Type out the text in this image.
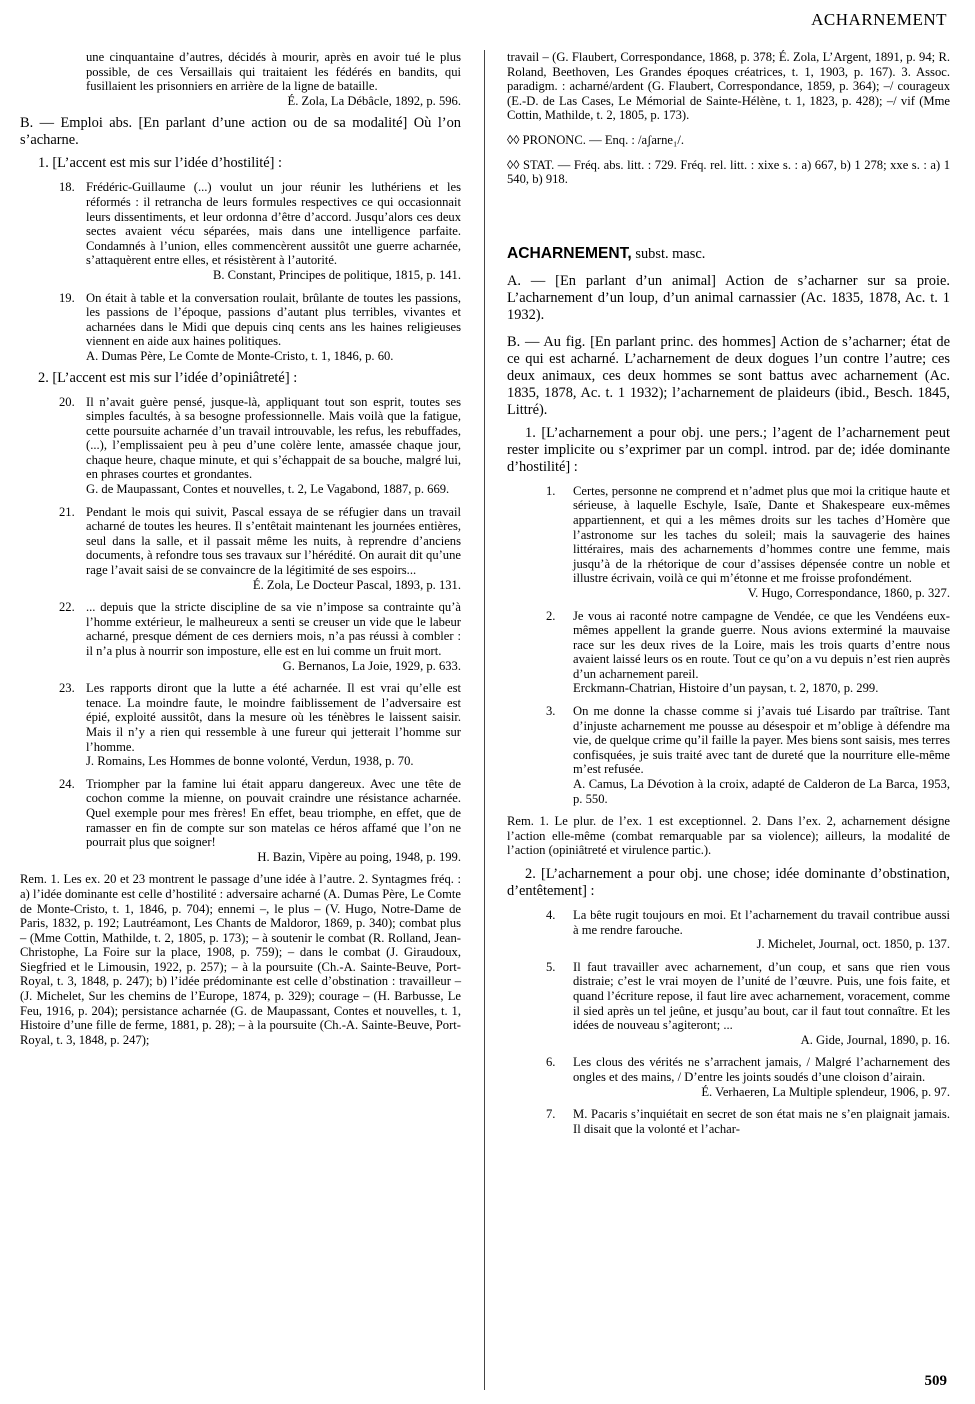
ACHARNEMENT

une cinquantaine d’autres, décidés à mourir, après en avoir tué le plus possible, de ces Versaillais qui traitaient les fédérés en bandits, qui fusillaient les prisonniers en arrière de la ligne de bataille.

É. Zola, La Débâcle, 1892, p. 596.

B. — Emploi abs. [En parlant d’une action ou de sa modalité] Où l’on s’acharne.

1. [L’accent est mis sur l’idée d’hostilité] :

18. Frédéric-Guillaume (...) voulut un jour réunir les luthériens et les réformés : il retrancha de leurs formules respectives ce qui occasionnait leurs dissentiments, et leur ordonna d’être d’accord. Jusqu’alors ces deux sectes avaient vécu séparées, mais dans une intelligence parfaite. Condamnés à l’union, elles commencèrent aussitôt une guerre acharnée, s’attaquèrent entre elles, et résistèrent à l’autorité.

B. Constant, Principes de politique, 1815, p. 141.

19. On était à table et la conversation roulait, brûlante de toutes les passions, les passions de l’époque, passions d’autant plus terribles, vivantes et acharnées dans le Midi que depuis cinq cents ans les haines religieuses viennent en aide aux haines politiques.

A. Dumas Père, Le Comte de Monte-Cristo, t. 1, 1846, p. 60.

2. [L’accent est mis sur l’idée d’opiniâtreté] :

20. Il n’avait guère pensé, jusque-là, appliquant tout son esprit, toutes ses simples facultés, à sa besogne professionnelle. Mais voilà que la fatigue, cette poursuite acharnée d’un travail introuvable, les refus, les rebuffades, (...), l’emplissaient peu à peu d’une colère lente, amassée chaque jour, chaque heure, chaque minute, et qui s’échappait de sa bouche, malgré lui, en phrases courtes et grondantes.

G. de Maupassant, Contes et nouvelles, t. 2, Le Vagabond, 1887, p. 669.

21. Pendant le mois qui suivit, Pascal essaya de se réfugier dans un travail acharné de toutes les heures. Il s’entêtait maintenant les journées entières, seul dans la salle, et il passait même les nuits, à reprendre d’anciens documents, à refondre tous ses travaux sur l’hérédité. On aurait dit qu’une rage l’avait saisi de se convaincre de la légitimité de ses espoirs...

É. Zola, Le Docteur Pascal, 1893, p. 131.

22. ... depuis que la stricte discipline de sa vie n’impose sa contrainte qu’à l’homme extérieur, le malheureux a senti se creuser un vide que le labeur acharné, presque dément de ces derniers mois, n’a pas réussi à combler : il n’a plus à nourrir son imposture, elle est en lui comme un fruit mort.

G. Bernanos, La Joie, 1929, p. 633.

23. Les rapports diront que la lutte a été acharnée. Il est vrai qu’elle est tenace. La moindre faute, le moindre faiblissement de l’adversaire est épié, exploité aussitôt, dans la mesure où les ténèbres le laissent saisir. Mais il n’y a rien qui ressemble à une fureur qui jetterait l’homme sur l’homme.

J. Romains, Les Hommes de bonne volonté, Verdun, 1938, p. 70.

24. Triompher par la famine lui était apparu dangereux. Avec une tête de cochon comme la mienne, on pouvait craindre une résistance acharnée. Quel exemple pour mes frères! En effet, beau triomphe, en effet, que de ramasser en fin de compte sur son matelas ce héros affamé que l’on ne pourrait plus que soigner!

H. Bazin, Vipère au poing, 1948, p. 199.

Rem. 1. Les ex. 20 et 23 montrent le passage d’une idée à l’autre. 2. Syntagmes fréq. : a) l’idée dominante est celle d’hostilité : adversaire acharné (A. Dumas Père, Le Comte de Monte-Cristo, t. 1, 1846, p. 704); ennemi –, le plus – (V. Hugo, Notre-Dame de Paris, 1832, p. 192; Lautréamont, Les Chants de Maldoror, 1869, p. 340); combat plus – (Mme Cottin, Mathilde, t. 2, 1805, p. 173); – à soutenir le combat (R. Rolland, Jean-Christophe, La Foire sur la place, 1908, p. 759); – dans le combat (J. Giraudoux, Siegfried et le Limousin, 1922, p. 257); – à la poursuite (Ch.-A. Sainte-Beuve, Port-Royal, t. 3, 1848, p. 247); b) l’idée prédominante est celle d’obstination : travailleur – (J. Michelet, Sur les chemins de l’Europe, 1874, p. 329); courage – (H. Barbusse, Le Feu, 1916, p. 204); persistance acharnée (G. de Maupassant, Contes et nouvelles, t. 1, Histoire d’une fille de ferme, 1881, p. 28); – à la poursuite (Ch.-A. Sainte-Beuve, Port-Royal, t. 3, 1848, p. 247);

travail – (G. Flaubert, Correspondance, 1868, p. 378; É. Zola, L’Argent, 1891, p. 94; R. Roland, Beethoven, Les Grandes époques créatrices, t. 1, 1903, p. 167). 3. Assoc. paradigm. : acharné/ardent (G. Flaubert, Correspondance, 1859, p. 364); –/ courageux (E.-D. de Las Cases, Le Mémorial de Sainte-Hélène, t. 1, 1823, p. 428); –/ vif (Mme Cottin, Mathilde, t. 2, 1805, p. 173).

◊◊ PRONONC. — Enq. : /aʃarne₁/.

◊◊ STAT. — Fréq. abs. litt. : 729. Fréq. rel. litt. : xixe s. : a) 667, b) 1 278; xxe s. : a) 1 540, b) 918.

ACHARNEMENT, subst. masc.

A. — [En parlant d’un animal] Action de s’acharner sur sa proie. L’acharnement d’un loup, d’un animal carnassier (Ac. 1835, 1878, Ac. t. 1 1932).

B. — Au fig. [En parlant princ. des hommes] Action de s’acharner; état de ce qui est acharné. L’acharnement de deux dogues l’un contre l’autre; ces deux animaux, ces deux hommes se sont battus avec acharnement (Ac. 1835, 1878, Ac. t. 1 1932); l’acharnement de plaideurs (ibid., Besch. 1845, Littré).

1. [L’acharnement a pour obj. une pers.; l’agent de l’acharnement peut rester implicite ou s’exprimer par un compl. introd. par de; idée dominante d’hostilité] :

1. Certes, personne ne comprend et n’admet plus que moi la critique haute et sérieuse, à laquelle Eschyle, Isaïe, Dante et Shakespeare eux-mêmes appartiennent, et qui a les mêmes droits sur les taches d’Homère que l’astronome sur les taches du soleil; mais la sauvagerie des haines littéraires, mais des acharnements d’hommes contre une femme, mais jusqu’à de la rhétorique de cour d’assises dépensée contre un noble et illustre écrivain, voilà ce qui m’étonne et me froisse profondément.

V. Hugo, Correspondance, 1860, p. 327.

2. Je vous ai raconté notre campagne de Vendée, ce que les Vendéens eux-mêmes appellent la grande guerre. Nous avions exterminé la mauvaise race sur les deux rives de la Loire, mais les trois quarts d’entre nous avaient laissé leurs os en route. Tout ce qu’on a vu depuis n’est rien auprès d’un acharnement pareil.

Erckmann-Chatrian, Histoire d’un paysan, t. 2, 1870, p. 299.

3. On me donne la chasse comme si j’avais tué Lisardo par traîtrise. Tant d’injuste acharnement me pousse au désespoir et m’oblige à défendre ma vie, de quelque crime qu’il faille la payer. Mes biens sont saisis, mes terres confisquées, je suis traité avec tant de dureté que la nourriture elle-même m’est refusée.

A. Camus, La Dévotion à la croix, adapté de Calderon de La Barca, 1953, p. 550.

Rem. 1. Le plur. de l’ex. 1 est exceptionnel. 2. Dans l’ex. 2, acharnement désigne l’action elle-même (combat remarquable par sa violence); ailleurs, la modalité de l’action (opiniâtreté et virulence partic.).

2. [L’acharnement a pour obj. une chose; idée dominante d’obstination, d’entêtement] :

4. La bête rugit toujours en moi. Et l’acharnement du travail contribue aussi à me rendre farouche.

J. Michelet, Journal, oct. 1850, p. 137.

5. Il faut travailler avec acharnement, d’un coup, et sans que rien vous distraie; c’est le vrai moyen de l’unité de l’œuvre. Puis, une fois faite, et quand l’écriture repose, il faut lire avec acharnement, voracement, comme il sied après un tel jeûne, et jusqu’au bout, car il faut tout connaître. Et les idées de nouveau s’agiteront; ...

A. Gide, Journal, 1890, p. 16.

6. Les clous des vérités ne s’arrachent jamais, / Malgré l’acharnement des ongles et des mains, / D’entre les joints soudés d’une cloison d’airain.

É. Verhaeren, La Multiple splendeur, 1906, p. 97.

7. M. Pacaris s’inquiétait en secret de son état mais ne s’en plaignait jamais. Il disait que la volonté et l’achar-

509
